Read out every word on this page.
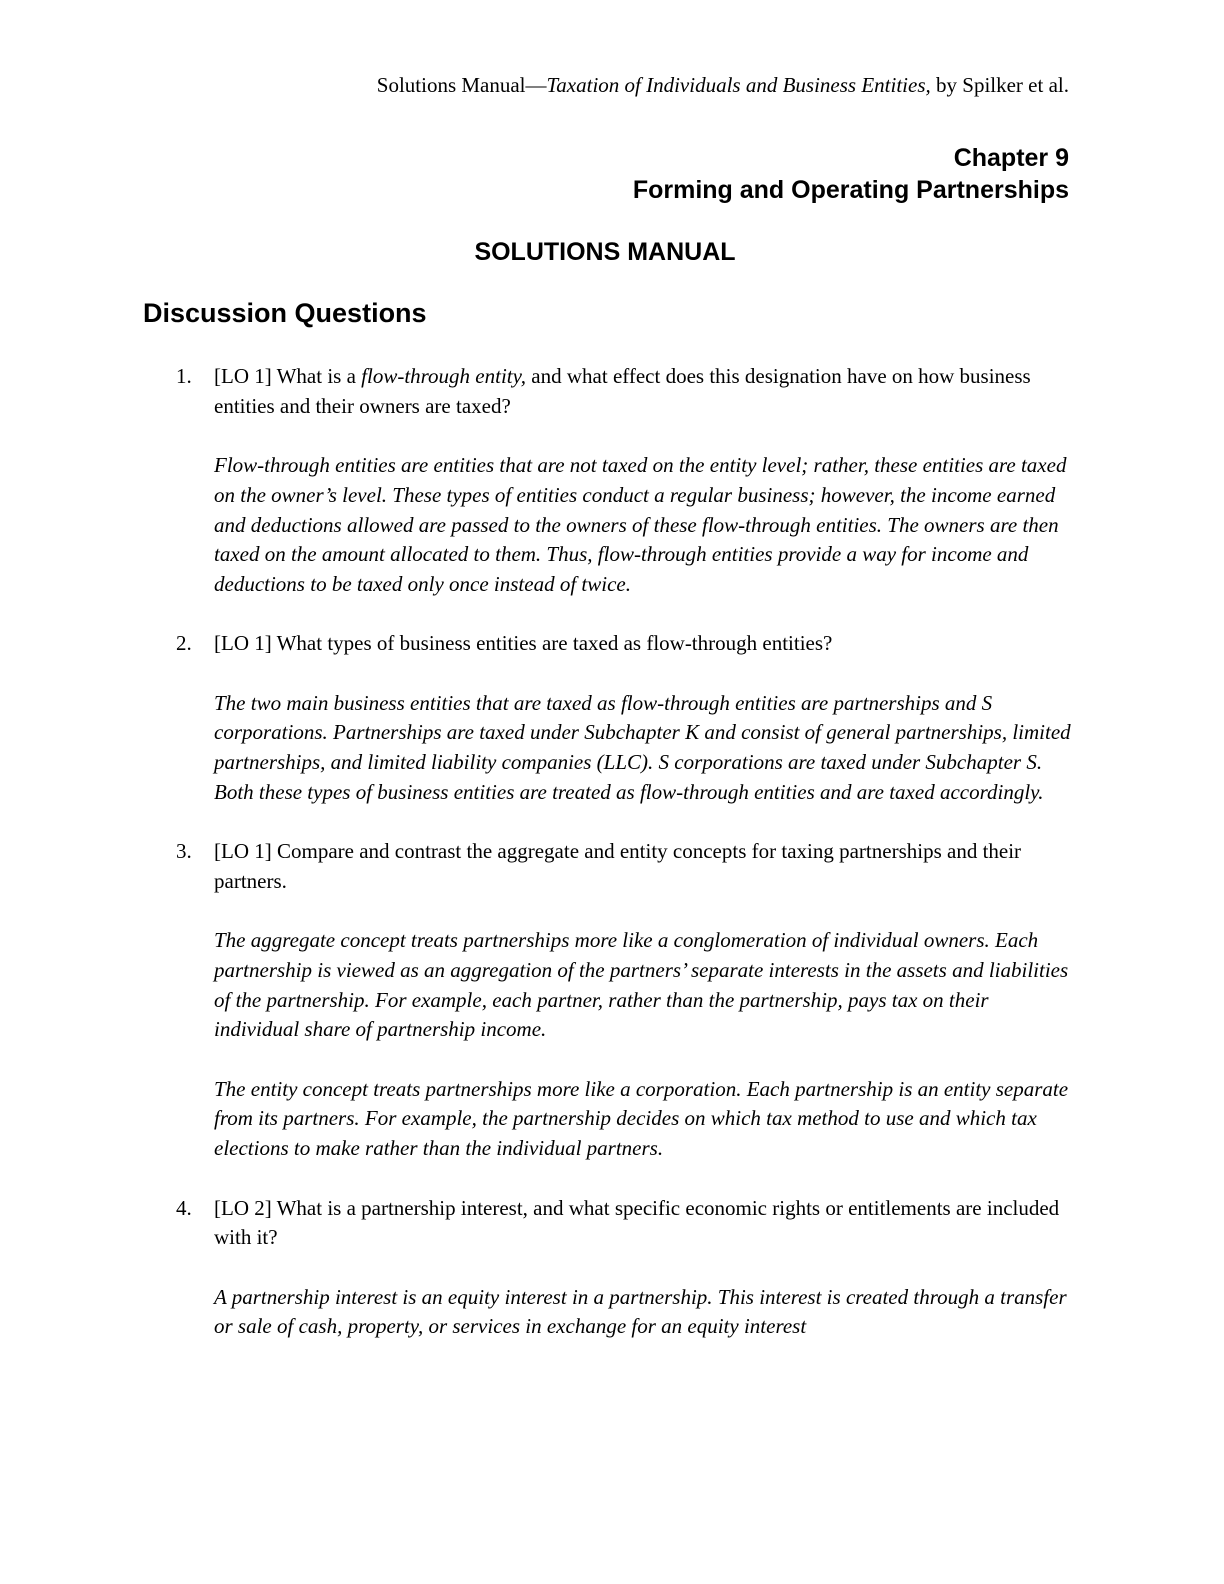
Solutions Manual—Taxation of Individuals and Business Entities, by Spilker et al.
Chapter 9
Forming and Operating Partnerships
SOLUTIONS MANUAL
Discussion Questions
1. [LO 1] What is a flow-through entity, and what effect does this designation have on how business entities and their owners are taxed?
Flow-through entities are entities that are not taxed on the entity level; rather, these entities are taxed on the owner’s level. These types of entities conduct a regular business; however, the income earned and deductions allowed are passed to the owners of these flow-through entities. The owners are then taxed on the amount allocated to them. Thus, flow-through entities provide a way for income and deductions to be taxed only once instead of twice.
2. [LO 1] What types of business entities are taxed as flow-through entities?
The two main business entities that are taxed as flow-through entities are partnerships and S corporations. Partnerships are taxed under Subchapter K and consist of general partnerships, limited partnerships, and limited liability companies (LLC). S corporations are taxed under Subchapter S. Both these types of business entities are treated as flow-through entities and are taxed accordingly.
3. [LO 1] Compare and contrast the aggregate and entity concepts for taxing partnerships and their partners.
The aggregate concept treats partnerships more like a conglomeration of individual owners. Each partnership is viewed as an aggregation of the partners’ separate interests in the assets and liabilities of the partnership. For example, each partner, rather than the partnership, pays tax on their individual share of partnership income.
The entity concept treats partnerships more like a corporation. Each partnership is an entity separate from its partners. For example, the partnership decides on which tax method to use and which tax elections to make rather than the individual partners.
4. [LO 2] What is a partnership interest, and what specific economic rights or entitlements are included with it?
A partnership interest is an equity interest in a partnership. This interest is created through a transfer or sale of cash, property, or services in exchange for an equity interest
